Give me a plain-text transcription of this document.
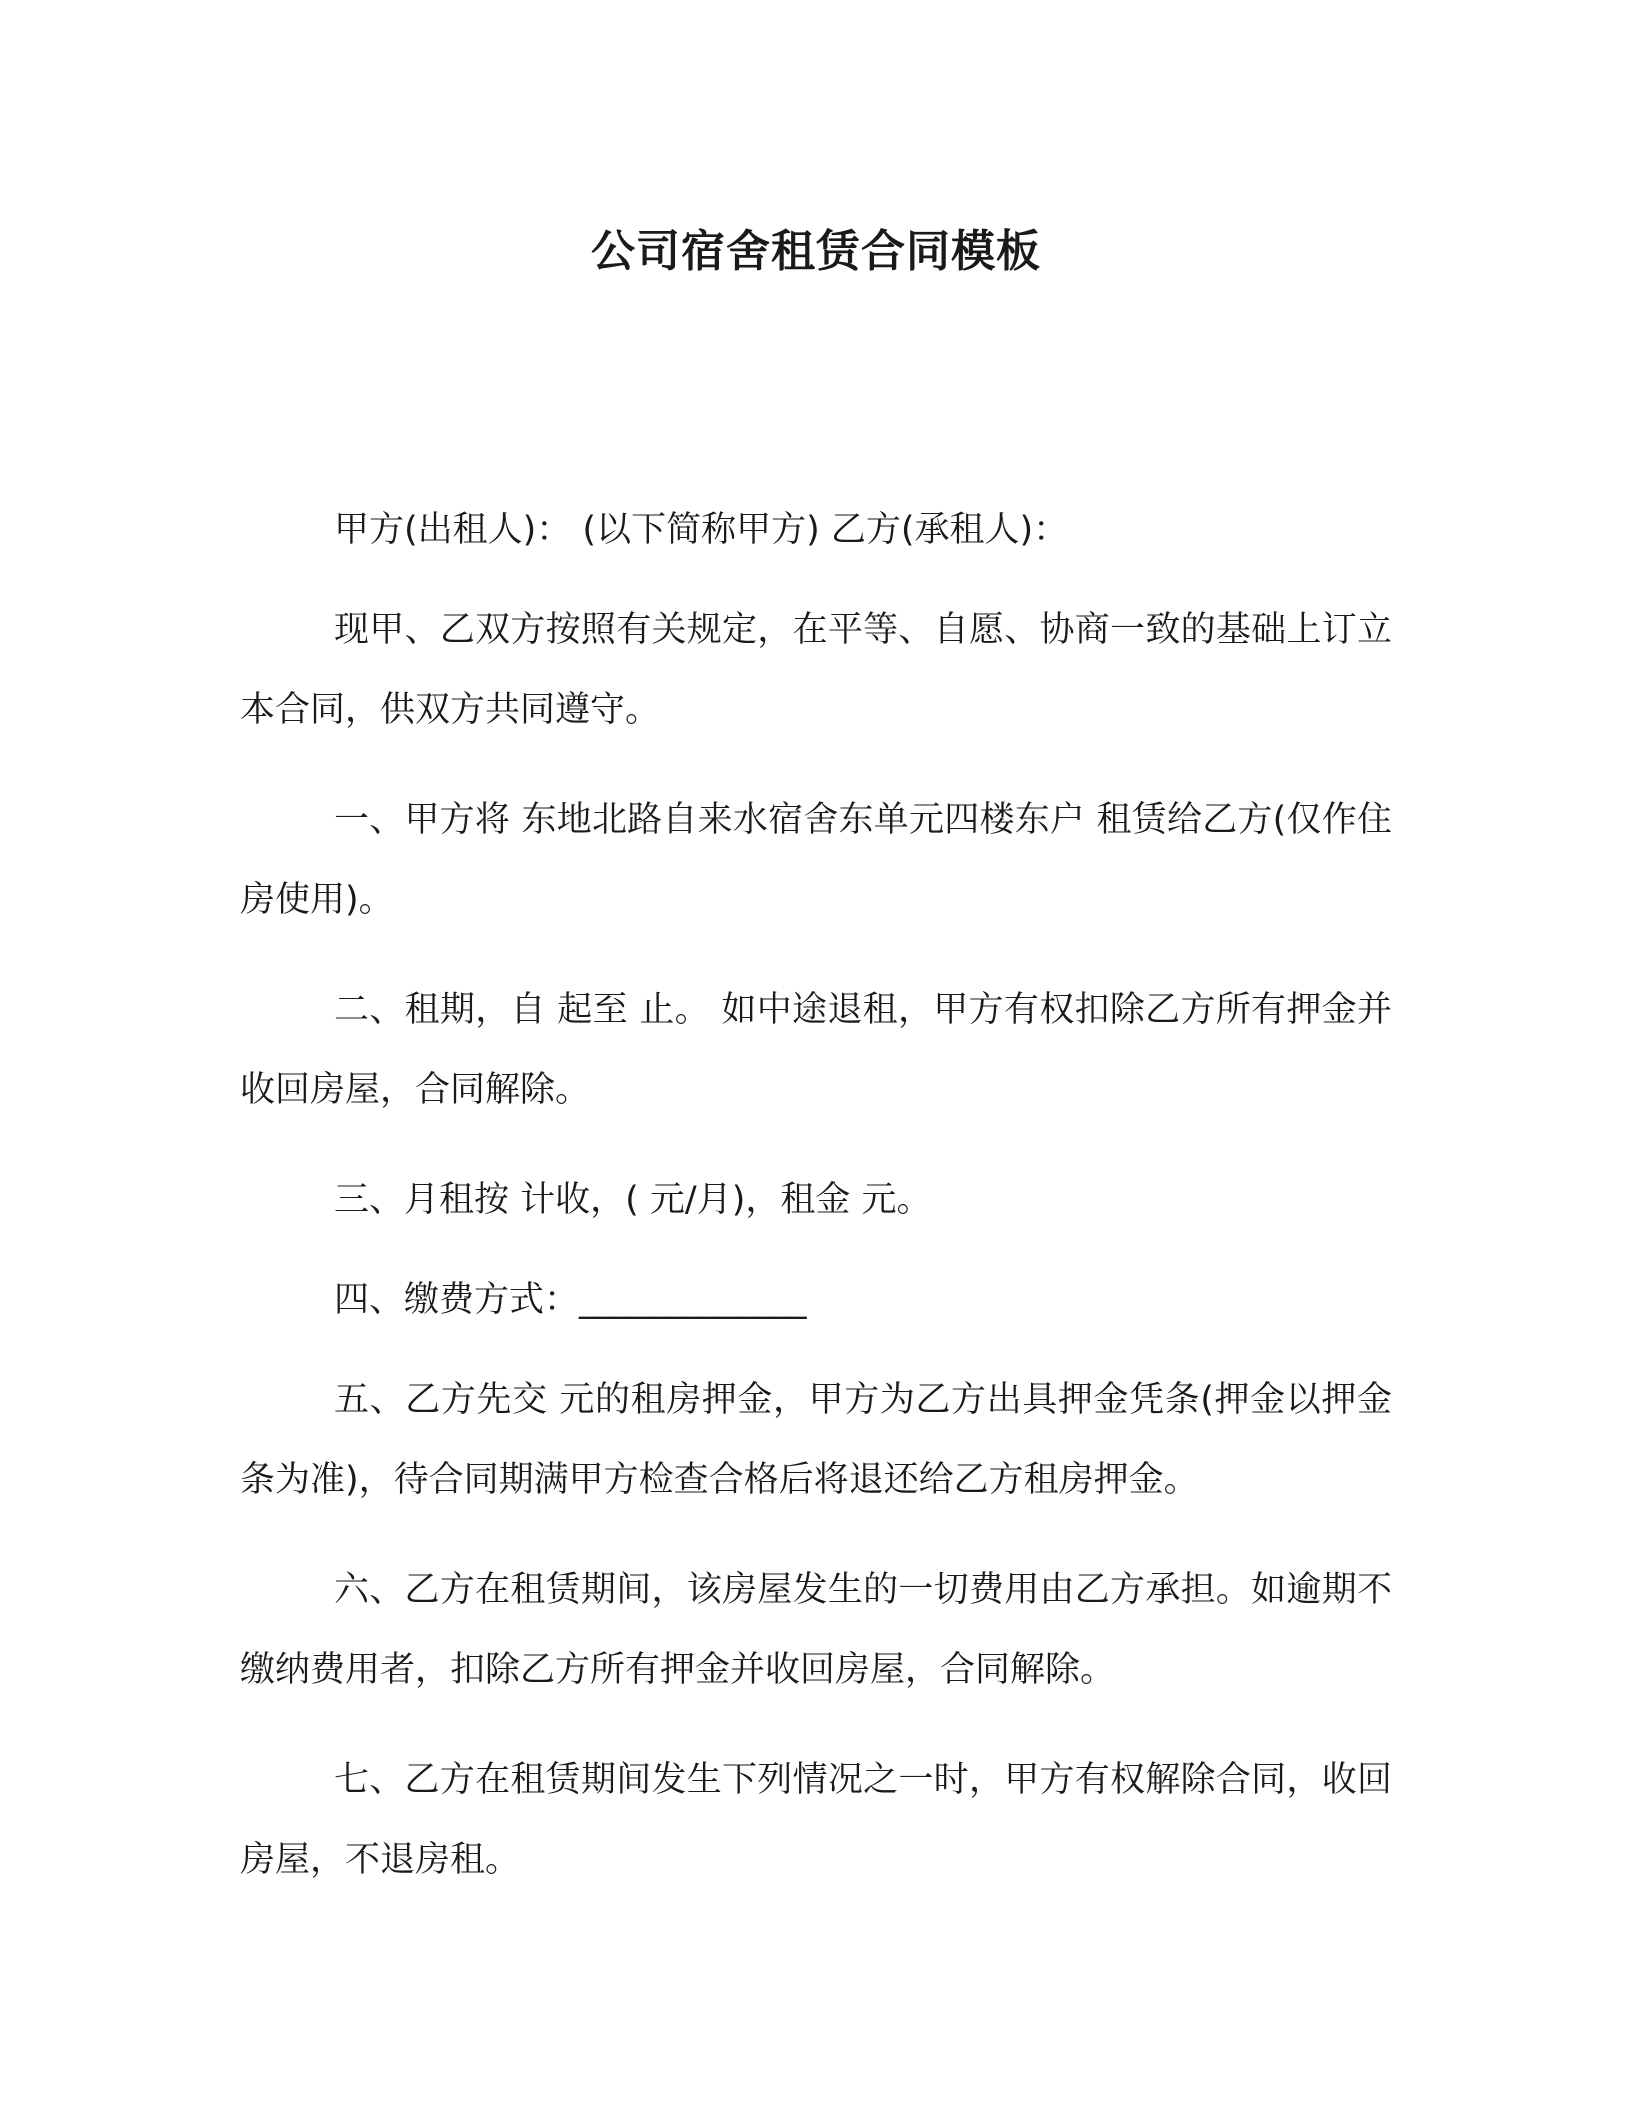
公司宿舍租赁合同模板

甲方(出租人)： (以下简称甲方) 乙方(承租人)：

现甲、乙双方按照有关规定，在平等、自愿、协商一致的基础上订立本合同，供双方共同遵守。

一、甲方将 东地北路自来水宿舍东单元四楼东户 租赁给乙方(仅作住房使用)。

二、租期，自 起至 止。 如中途退租，甲方有权扣除乙方所有押金并收回房屋，合同解除。

三、月租按 计收，( 元/月)，租金 元。

四、缴费方式：_____________

五、乙方先交 元的租房押金，甲方为乙方出具押金凭条(押金以押金条为准)，待合同期满甲方检查合格后将退还给乙方租房押金。

六、乙方在租赁期间，该房屋发生的一切费用由乙方承担。如逾期不缴纳费用者，扣除乙方所有押金并收回房屋，合同解除。

七、乙方在租赁期间发生下列情况之一时，甲方有权解除合同，收回房屋，不退房租。
